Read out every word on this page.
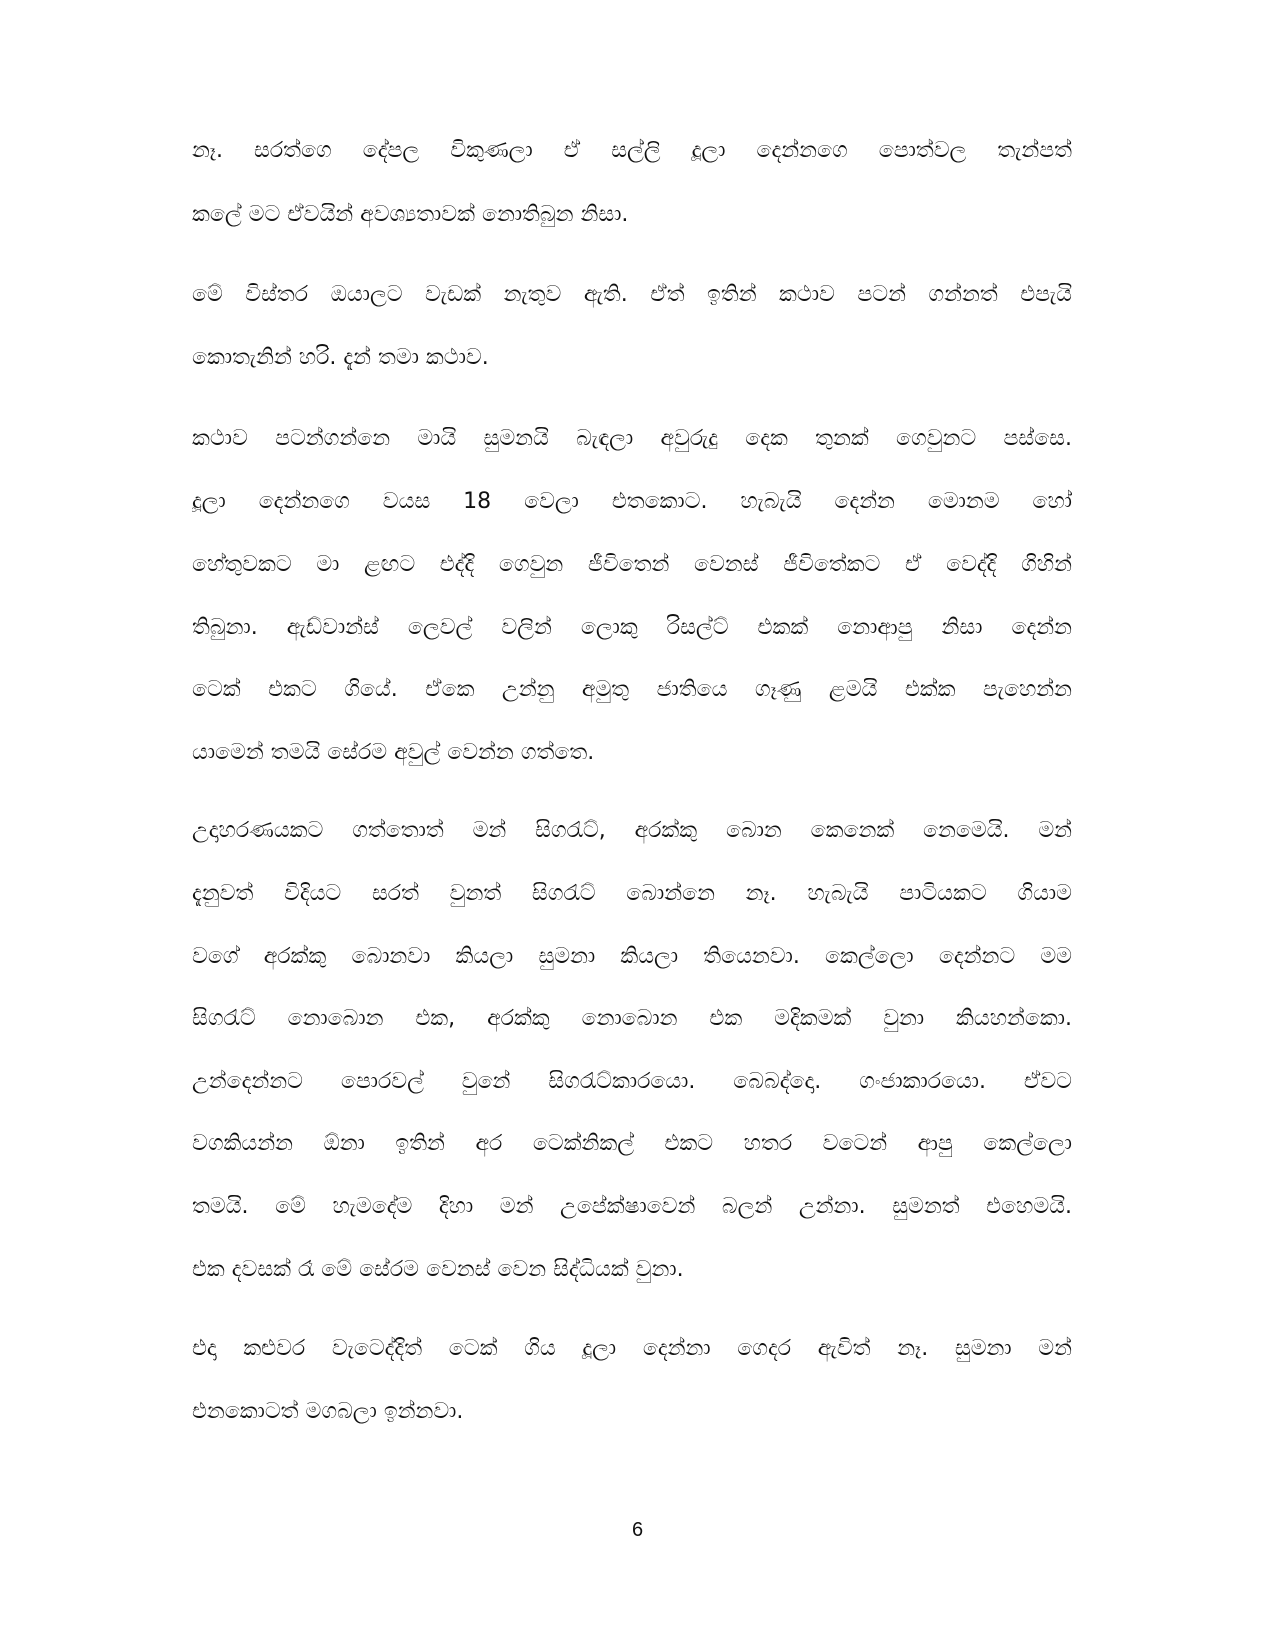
නෑ. සරත්ගෙ දේපල විකුණලා ඒ සල්ලි දූලා දෙන්නගෙ පොත්වල තැන්පත්
කලේ මට ඒවයින් අවශ්‍යතාවක් නොතිබුන නිසා.
මේ විස්තර ඔයාලට වැඩක් නැතුව ඇති. ඒත් ඉතින් කථාව පටන් ගන්නත් එපැයි
කොතැනින් හරි. දැන් තමා කථාව.
කථාව පටන්ගන්නෙ මායි සුමනයි බැඳලා අවුරුදු දෙක තුනක් ගෙවුනට පස්සෙ.
දූලා දෙන්නගෙ වයස 18 වෙලා එතකොට. හැබැයි දෙන්න මොනම හෝ
හේතුවකට මා ළඟට එද්දි ගෙවුන ජීවිතෙන් වෙනස් ජීවිතේකට ඒ වෙද්දි ගිහින්
තිබුනා. ඇඩ්වාන්ස් ලෙවල් වලින් ලොකු රිසල්ට් එකක් නොආපු නිසා දෙන්න
ටෙක් එකට ගියේ. ඒකෙ උන්නු අමුතු ජාතියෙ ගෑණු ළමයි එක්ක පැහෙන්න
යාමෙන් තමයි සේරම අවුල් වෙන්න ගත්තෙ.
උදාහරණයකට ගත්තොත් මන් සිගරැට්, අරක්කු බොන කෙනෙක් නෙමෙයි. මන්
දැනුවත් විදියට සරත් වුනත් සිගරැට් බොන්නෙ නෑ. හැබැයි පාටියකට ගියාම
වගේ අරක්කු බොනවා කියලා සුමනා කියලා තියෙනවා. කෙල්ලො දෙන්නට මම
සිගරැට් නොබොන එක, අරක්කු නොබොන එක මදිකමක් වුනා කියහන්කො.
උන්දෙන්නට පොරවල් වුනේ සිගරැට්කාරයො. බෙබද්දො. ගංජාකාරයො. ඒවට
වගකියන්න ඕනා ඉතින් අර ටෙක්නිකල් එකට හතර වටෙන් ආපු කෙල්ලො
තමයි. මේ හැමදේම දිහා මන් උපේක්ෂාවෙන් බලන් උන්නා. සුමනත් එහෙමයි.
එක දවසක් රෑ මේ සේරම වෙනස් වෙන සිද්ධියක් වුනා.
එදා කළුවර වැටෙද්දිත් ටෙක් ගිය දූලා දෙන්නා ගෙදර ඇවිත් නෑ. සුමනා මන්
එනකොටත් මගබලා ඉන්නවා.
6
